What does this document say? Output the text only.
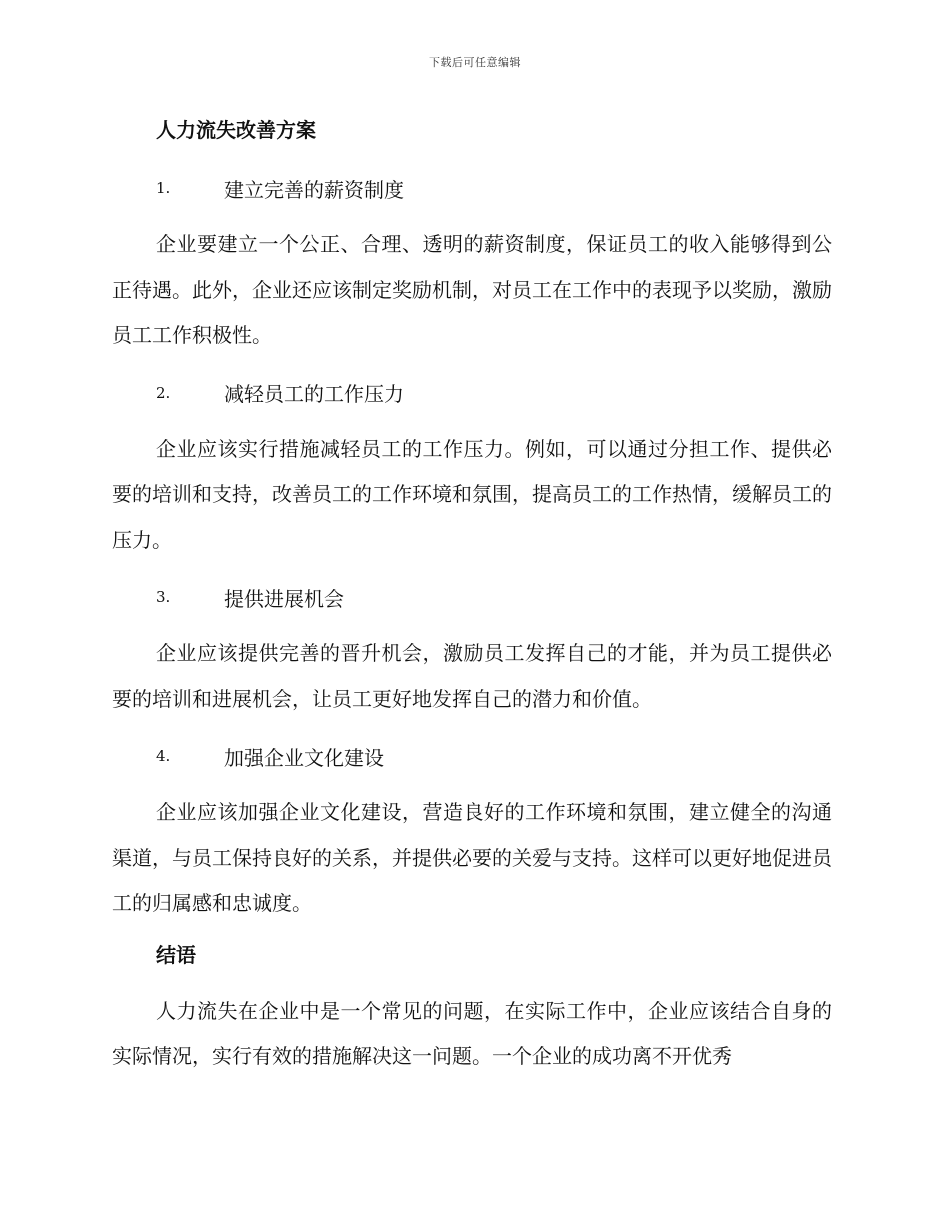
下载后可任意编辑
人力流失改善方案
1.	建立完善的薪资制度

企业要建立一个公正、合理、透明的薪资制度，保证员工的收入能够得到公正待遇。此外，企业还应该制定奖励机制，对员工在工作中的表现予以奖励，激励员工工作积极性。

2.	减轻员工的工作压力

企业应该实行措施减轻员工的工作压力。例如，可以通过分担工作、提供必要的培训和支持，改善员工的工作环境和氛围，提高员工的工作热情，缓解员工的压力。

3.	提供进展机会

企业应该提供完善的晋升机会，激励员工发挥自己的才能，并为员工提供必要的培训和进展机会，让员工更好地发挥自己的潜力和价值。

4.	加强企业文化建设

企业应该加强企业文化建设，营造良好的工作环境和氛围，建立健全的沟通渠道，与员工保持良好的关系，并提供必要的关爱与支持。这样可以更好地促进员工的归属感和忠诚度。

结语

人力流失在企业中是一个常见的问题，在实际工作中，企业应该结合自身的实际情况，实行有效的措施解决这一问题。一个企业的成功离不开优秀
